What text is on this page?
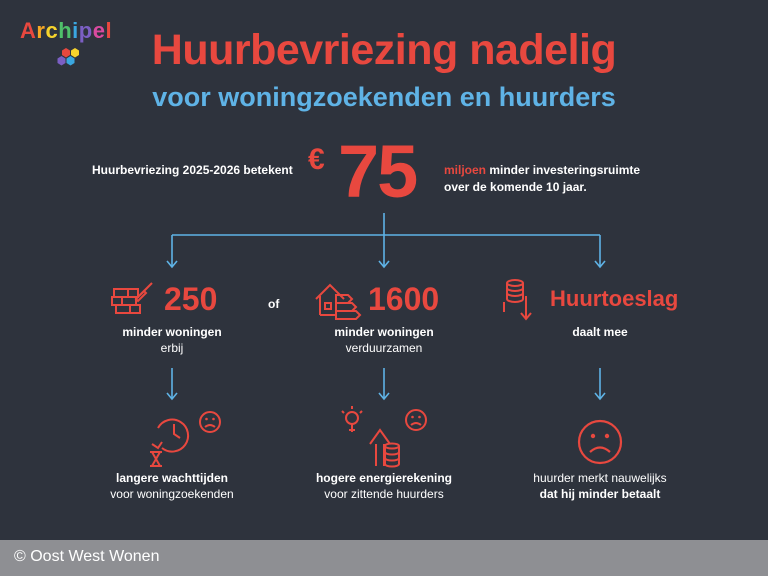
Archipel Huurbevriezing nadelig
voor woningzoekenden en huurders
Huurbevriezing 2025-2026 betekent € 75 miljoen minder investeringsruimte
over de komende 10 jaar.
250
minder woningen
erbij
of	1600
minder woningen
verduurzamen
Huurtoeslag
daalt mee
langere wachttijden
voor woningzoekenden
hogere energierekening
voor zittende huurders
huurder merkt nauwelijks
dat hij minder betaalt
© Oost West Wonen
